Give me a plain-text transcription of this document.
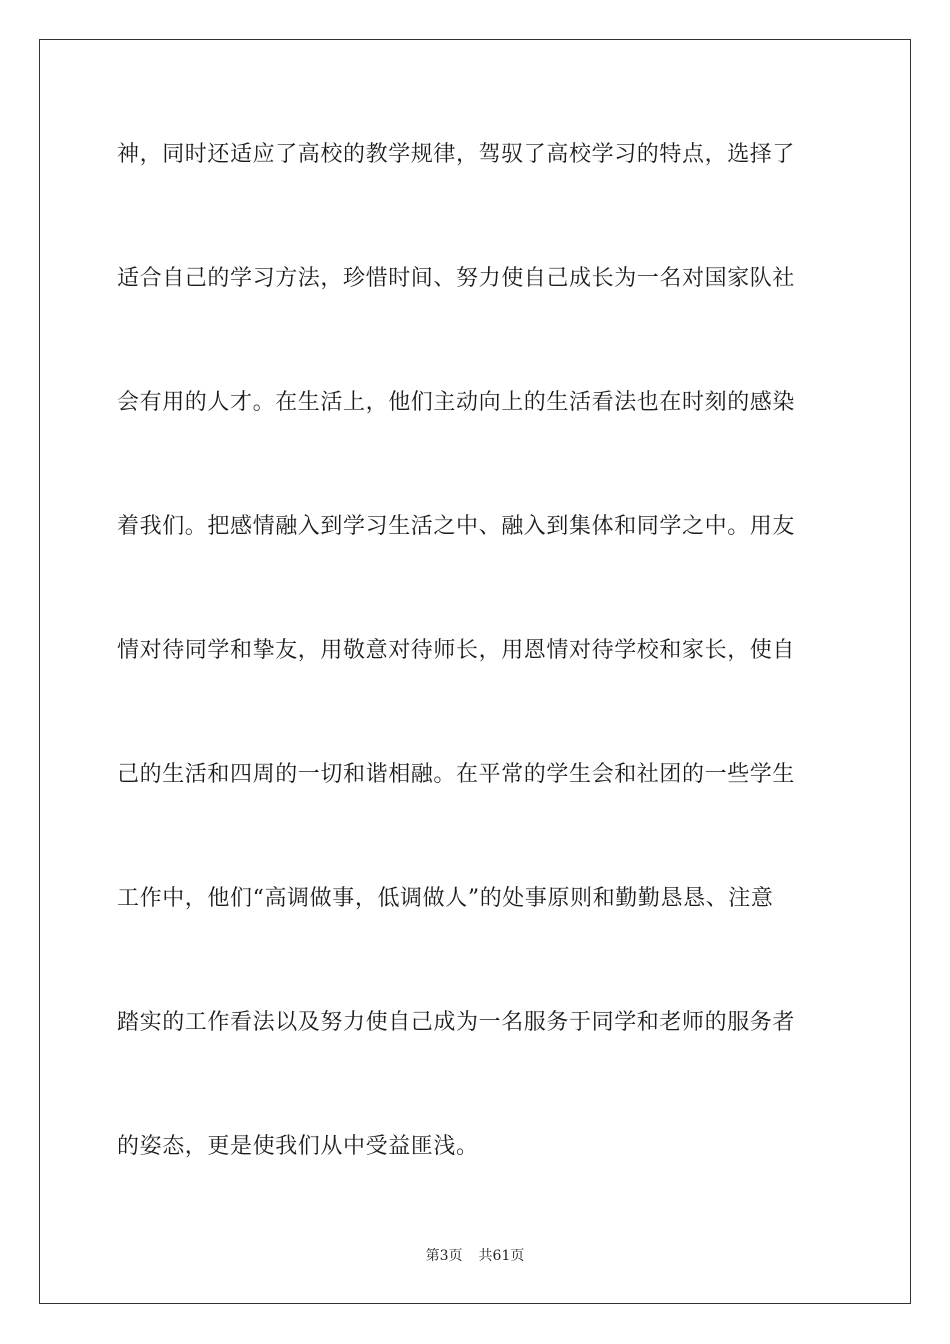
神，同时还适应了高校的教学规律，驾驭了高校学习的特点，选择了
适合自己的学习方法，珍惜时间、努力使自己成长为一名对国家队社
会有用的人才。在生活上，他们主动向上的生活看法也在时刻的感染
着我们。把感情融入到学习生活之中、融入到集体和同学之中。用友
情对待同学和挚友，用敬意对待师长，用恩情对待学校和家长，使自
己的生活和四周的一切和谐相融。在平常的学生会和社团的一些学生
工作中，他们“高调做事，低调做人”的处事原则和勤勤恳恳、注意
踏实的工作看法以及努力使自己成为一名服务于同学和老师的服务者
的姿态，更是使我们从中受益匪浅。
第3页 共61页
